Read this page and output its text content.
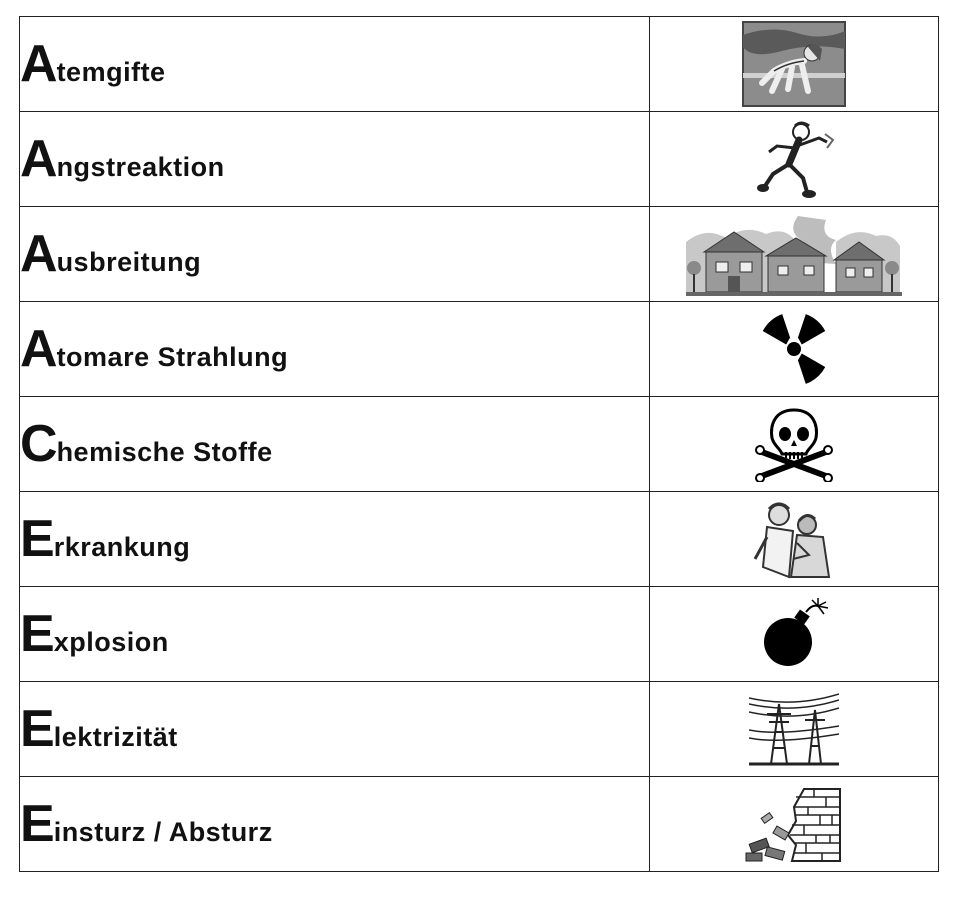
Atemgifte	

Angstreaktion	

Ausbreitung	

Atomare Strahlung	

Chemische Stoffe	

Erkrankung	

Explosion	

Elektrizität	

Einsturz / Absturz	
